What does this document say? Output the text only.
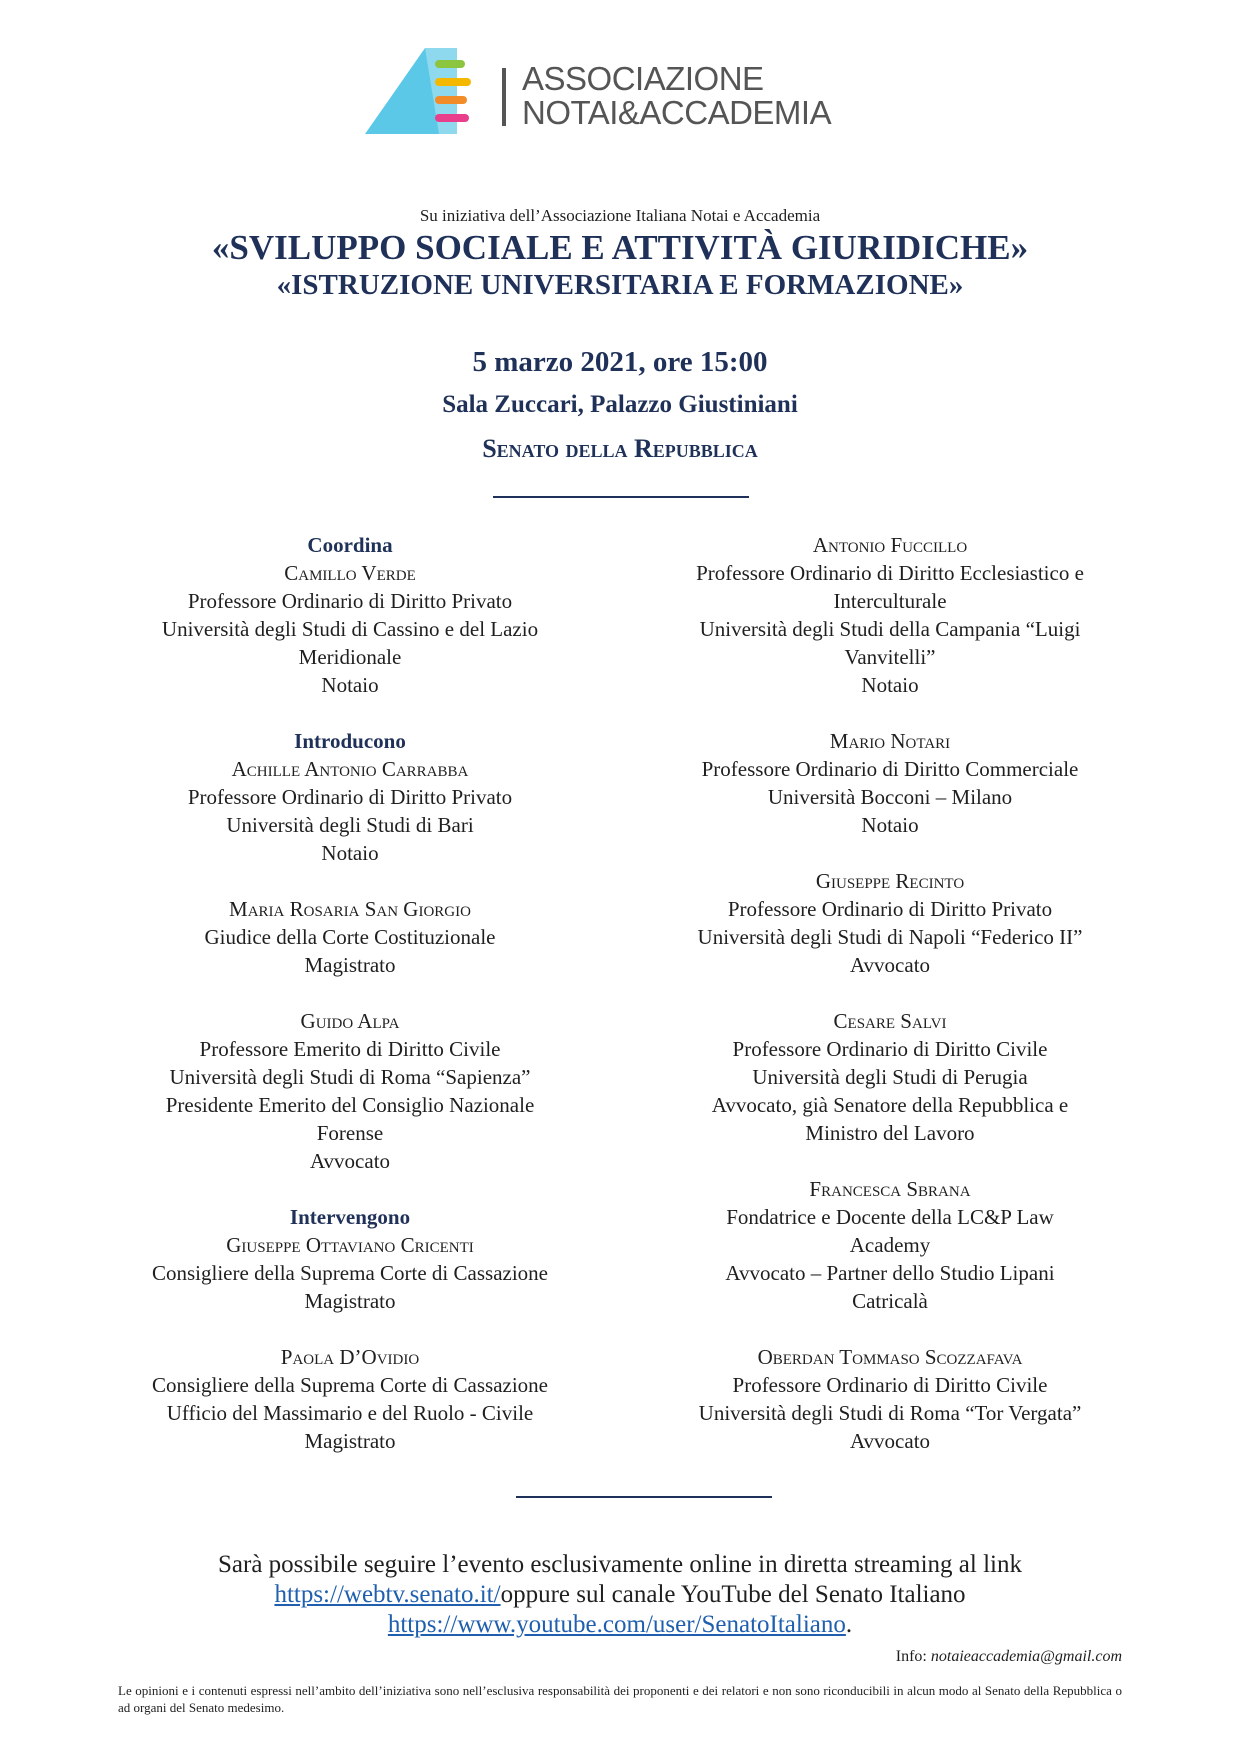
ASSOCIAZIONE
NOTAI&ACCADEMIA
Su iniziativa dell’Associazione Italiana Notai e Accademia
«SVILUPPO SOCIALE E ATTIVITÀ GIURIDICHE»
«ISTRUZIONE UNIVERSITARIA E FORMAZIONE»
5 marzo 2021, ore 15:00
Sala Zuccari, Palazzo Giustiniani
Senato della Repubblica
Coordina
Camillo Verde
Professore Ordinario di Diritto Privato
Università degli Studi di Cassino e del Lazio
Meridionale
Notaio
Introducono
Achille Antonio Carrabba
Professore Ordinario di Diritto Privato
Università degli Studi di Bari
Notaio
Maria Rosaria San Giorgio
Giudice della Corte Costituzionale
Magistrato
Guido Alpa
Professore Emerito di Diritto Civile
Università degli Studi di Roma “Sapienza”
Presidente Emerito del Consiglio Nazionale
Forense
Avvocato
Intervengono
Giuseppe Ottaviano Cricenti
Consigliere della Suprema Corte di Cassazione
Magistrato
Paola D’Ovidio
Consigliere della Suprema Corte di Cassazione
Ufficio del Massimario e del Ruolo - Civile
Magistrato
Antonio Fuccillo
Professore Ordinario di Diritto Ecclesiastico e
Interculturale
Università degli Studi della Campania “Luigi
Vanvitelli”
Notaio
Mario Notari
Professore Ordinario di Diritto Commerciale
Università Bocconi – Milano
Notaio
Giuseppe Recinto
Professore Ordinario di Diritto Privato
Università degli Studi di Napoli “Federico II”
Avvocato
Cesare Salvi
Professore Ordinario di Diritto Civile
Università degli Studi di Perugia
Avvocato, già Senatore della Repubblica e
Ministro del Lavoro
Francesca Sbrana
Fondatrice e Docente della LC&P Law
Academy
Avvocato – Partner dello Studio Lipani
Catricalà
Oberdan Tommaso Scozzafava
Professore Ordinario di Diritto Civile
Università degli Studi di Roma “Tor Vergata”
Avvocato
Sarà possibile seguire l’evento esclusivamente online in diretta streaming al link
https://webtv.senato.it/oppure sul canale YouTube del Senato Italiano
https://www.youtube.com/user/SenatoItaliano.
Info: notaieaccademia@gmail.com
Le opinioni e i contenuti espressi nell’ambito dell’iniziativa sono nell’esclusiva responsabilità dei proponenti e dei relatori e non sono riconducibili in alcun modo al Senato della Repubblica o ad organi del Senato medesimo.
